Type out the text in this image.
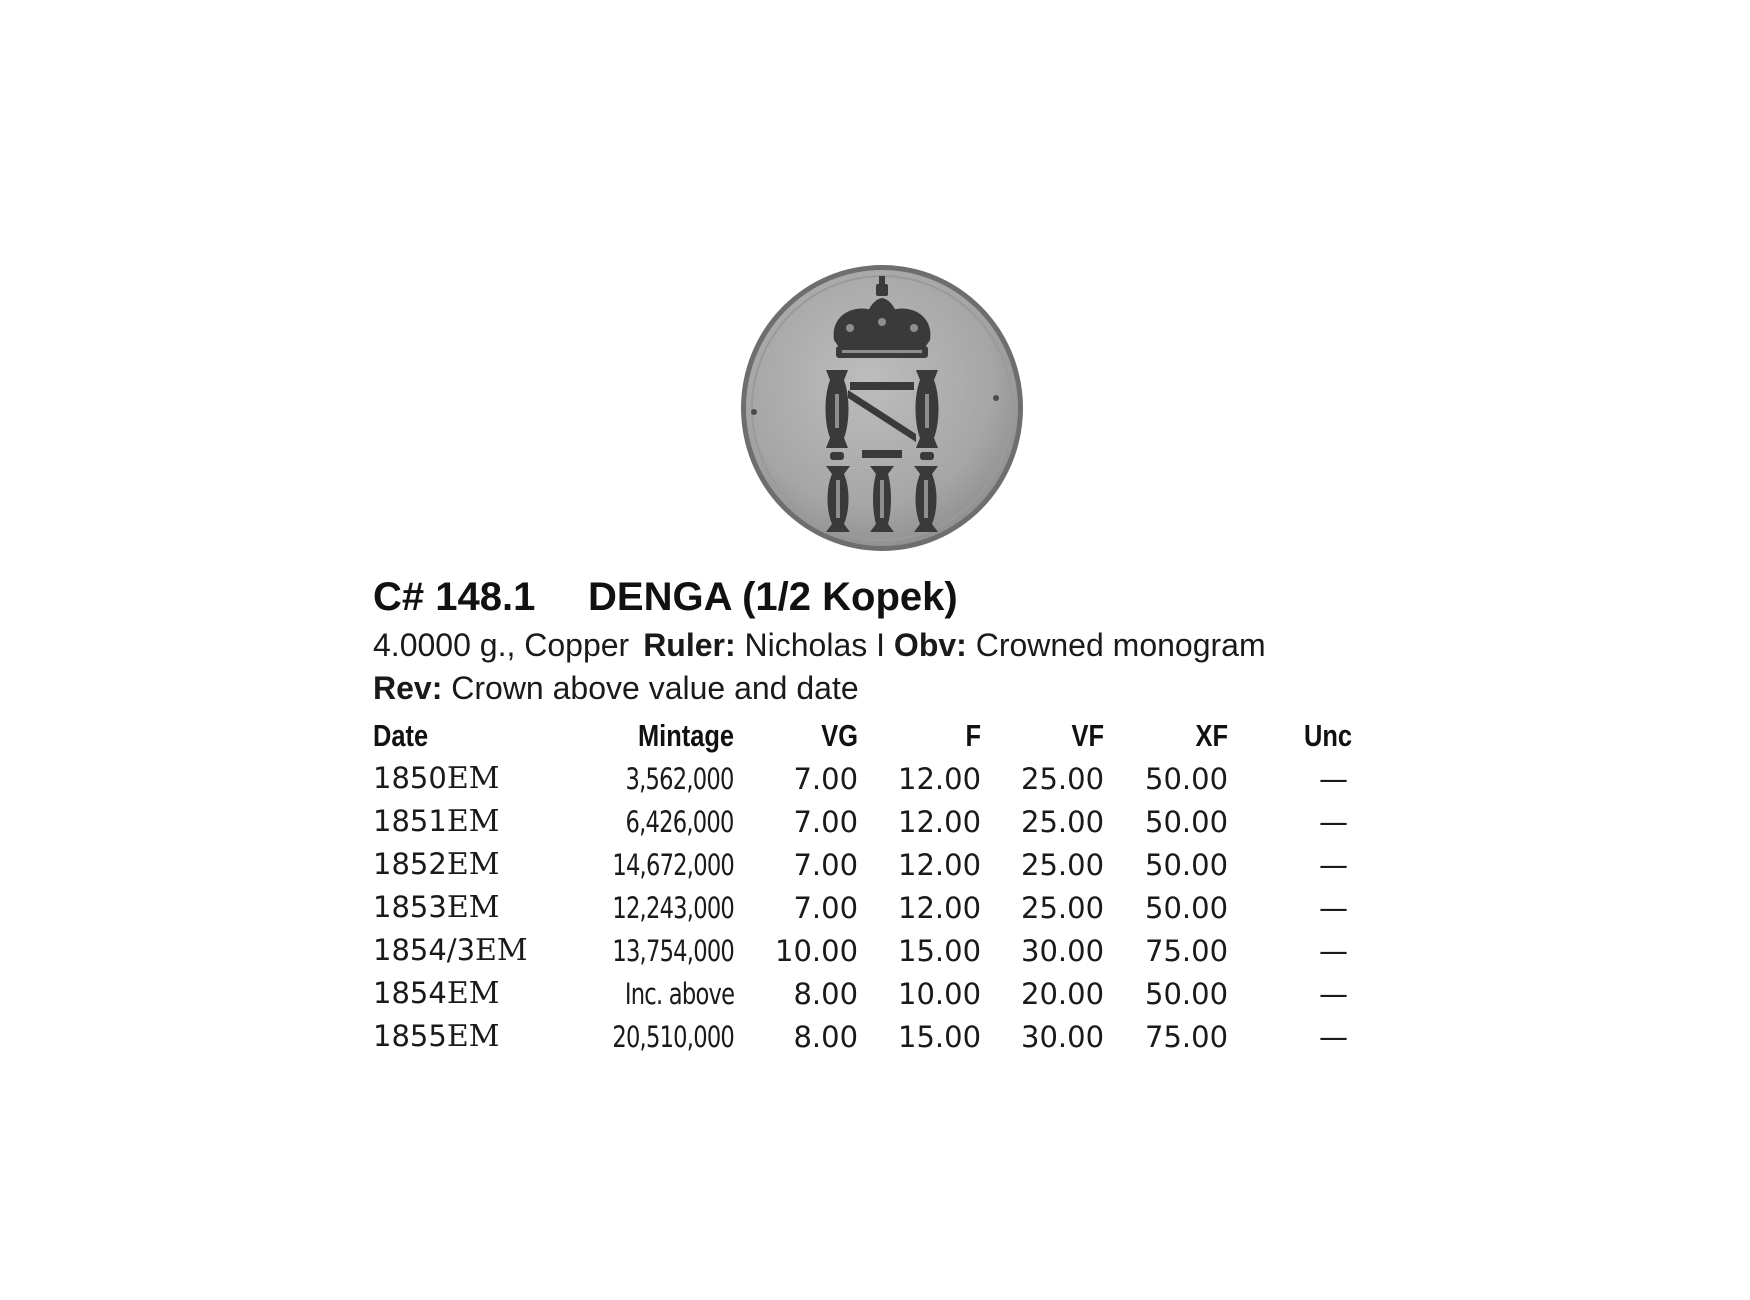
C# 148.1 DENGA (1/2 Kopek)
4.0000 g., Copper Ruler: Nicholas I Obv: Crowned monogram
Rev: Crown above value and date
Date	Mintage	VG	F	VF	XF	Unc
1850EM	3,562,000	7.00	12.00	25.00	50.00	—
1851EM	6,426,000	7.00	12.00	25.00	50.00	—
1852EM	14,672,000	7.00	12.00	25.00	50.00	—
1853EM	12,243,000	7.00	12.00	25.00	50.00	—
1854/3EM	13,754,000	10.00	15.00	30.00	75.00	—
1854EM	Inc. above	8.00	10.00	20.00	50.00	—
1855EM	20,510,000	8.00	15.00	30.00	75.00	—
